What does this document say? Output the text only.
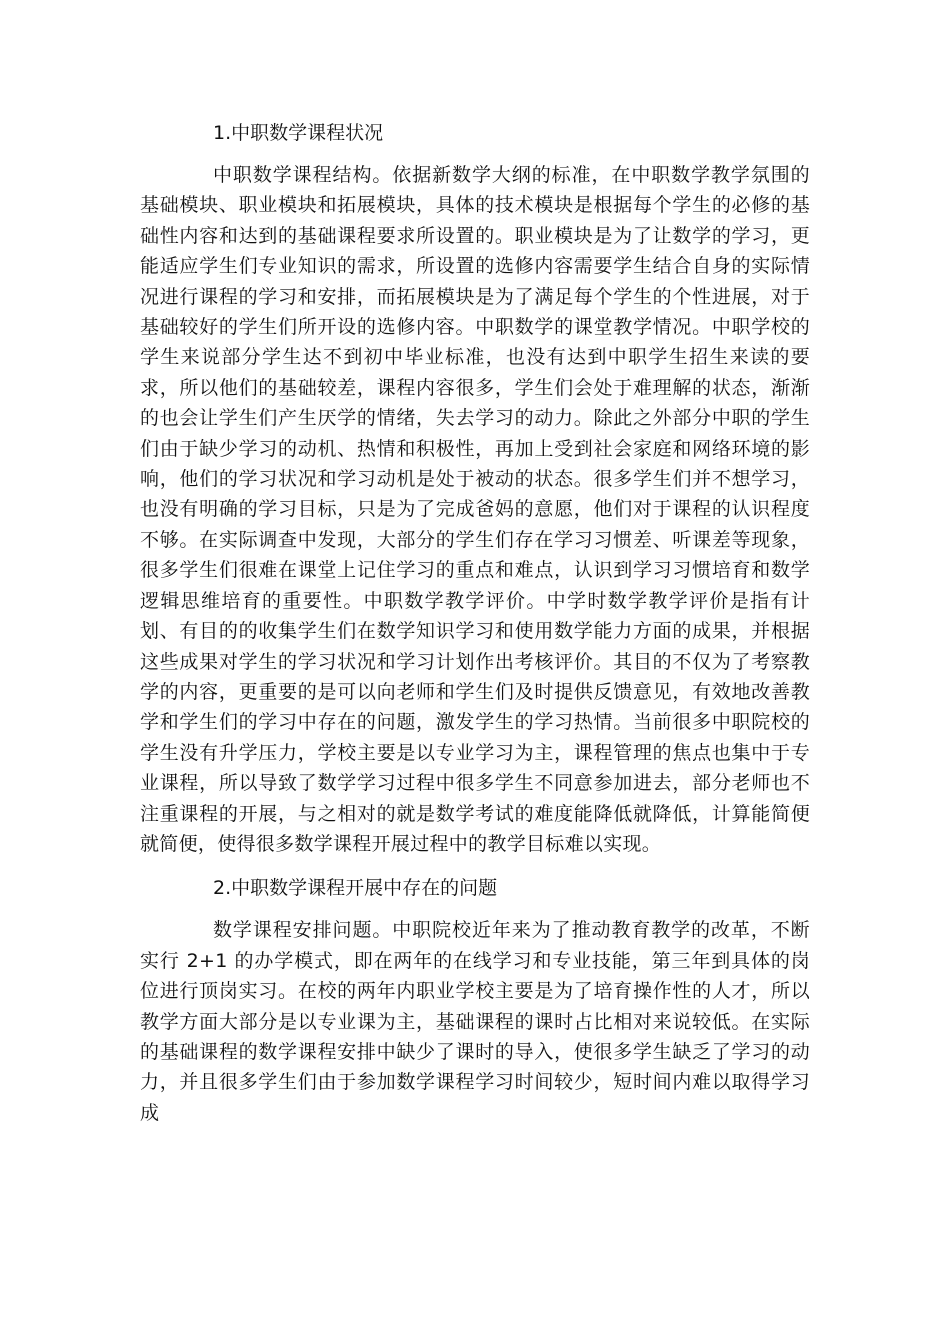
1.中职数学课程状况

中职数学课程结构。依据新数学大纲的标准，在中职数学教学氛围的基础模块、职业模块和拓展模块，具体的技术模块是根据每个学生的必修的基础性内容和达到的基础课程要求所设置的。职业模块是为了让数学的学习，更能适应学生们专业知识的需求，所设置的选修内容需要学生结合自身的实际情况进行课程的学习和安排，而拓展模块是为了满足每个学生的个性进展，对于基础较好的学生们所开设的选修内容。中职数学的课堂教学情况。中职学校的学生来说部分学生达不到初中毕业标准，也没有达到中职学生招生来读的要求，所以他们的基础较差，课程内容很多，学生们会处于难理解的状态，渐渐的也会让学生们产生厌学的情绪，失去学习的动力。除此之外部分中职的学生们由于缺少学习的动机、热情和积极性，再加上受到社会家庭和网络环境的影响，他们的学习状况和学习动机是处于被动的状态。很多学生们并不想学习，也没有明确的学习目标，只是为了完成爸妈的意愿，他们对于课程的认识程度不够。在实际调查中发现，大部分的学生们存在学习习惯差、听课差等现象，很多学生们很难在课堂上记住学习的重点和难点，认识到学习习惯培育和数学逻辑思维培育的重要性。中职数学教学评价。中学时数学教学评价是指有计划、有目的的收集学生们在数学知识学习和使用数学能力方面的成果，并根据这些成果对学生的学习状况和学习计划作出考核评价。其目的不仅为了考察教学的内容，更重要的是可以向老师和学生们及时提供反馈意见，有效地改善教学和学生们的学习中存在的问题，激发学生的学习热情。当前很多中职院校的学生没有升学压力，学校主要是以专业学习为主，课程管理的焦点也集中于专业课程，所以导致了数学学习过程中很多学生不同意参加进去，部分老师也不注重课程的开展，与之相对的就是数学考试的难度能降低就降低，计算能简便就简便，使得很多数学课程开展过程中的教学目标难以实现。

2.中职数学课程开展中存在的问题

数学课程安排问题。中职院校近年来为了推动教育教学的改革，不断实行 2+1 的办学模式，即在两年的在线学习和专业技能，第三年到具体的岗位进行顶岗实习。在校的两年内职业学校主要是为了培育操作性的人才，所以教学方面大部分是以专业课为主，基础课程的课时占比相对来说较低。在实际的基础课程的数学课程安排中缺少了课时的导入，使很多学生缺乏了学习的动力，并且很多学生们由于参加数学课程学习时间较少，短时间内难以取得学习成
